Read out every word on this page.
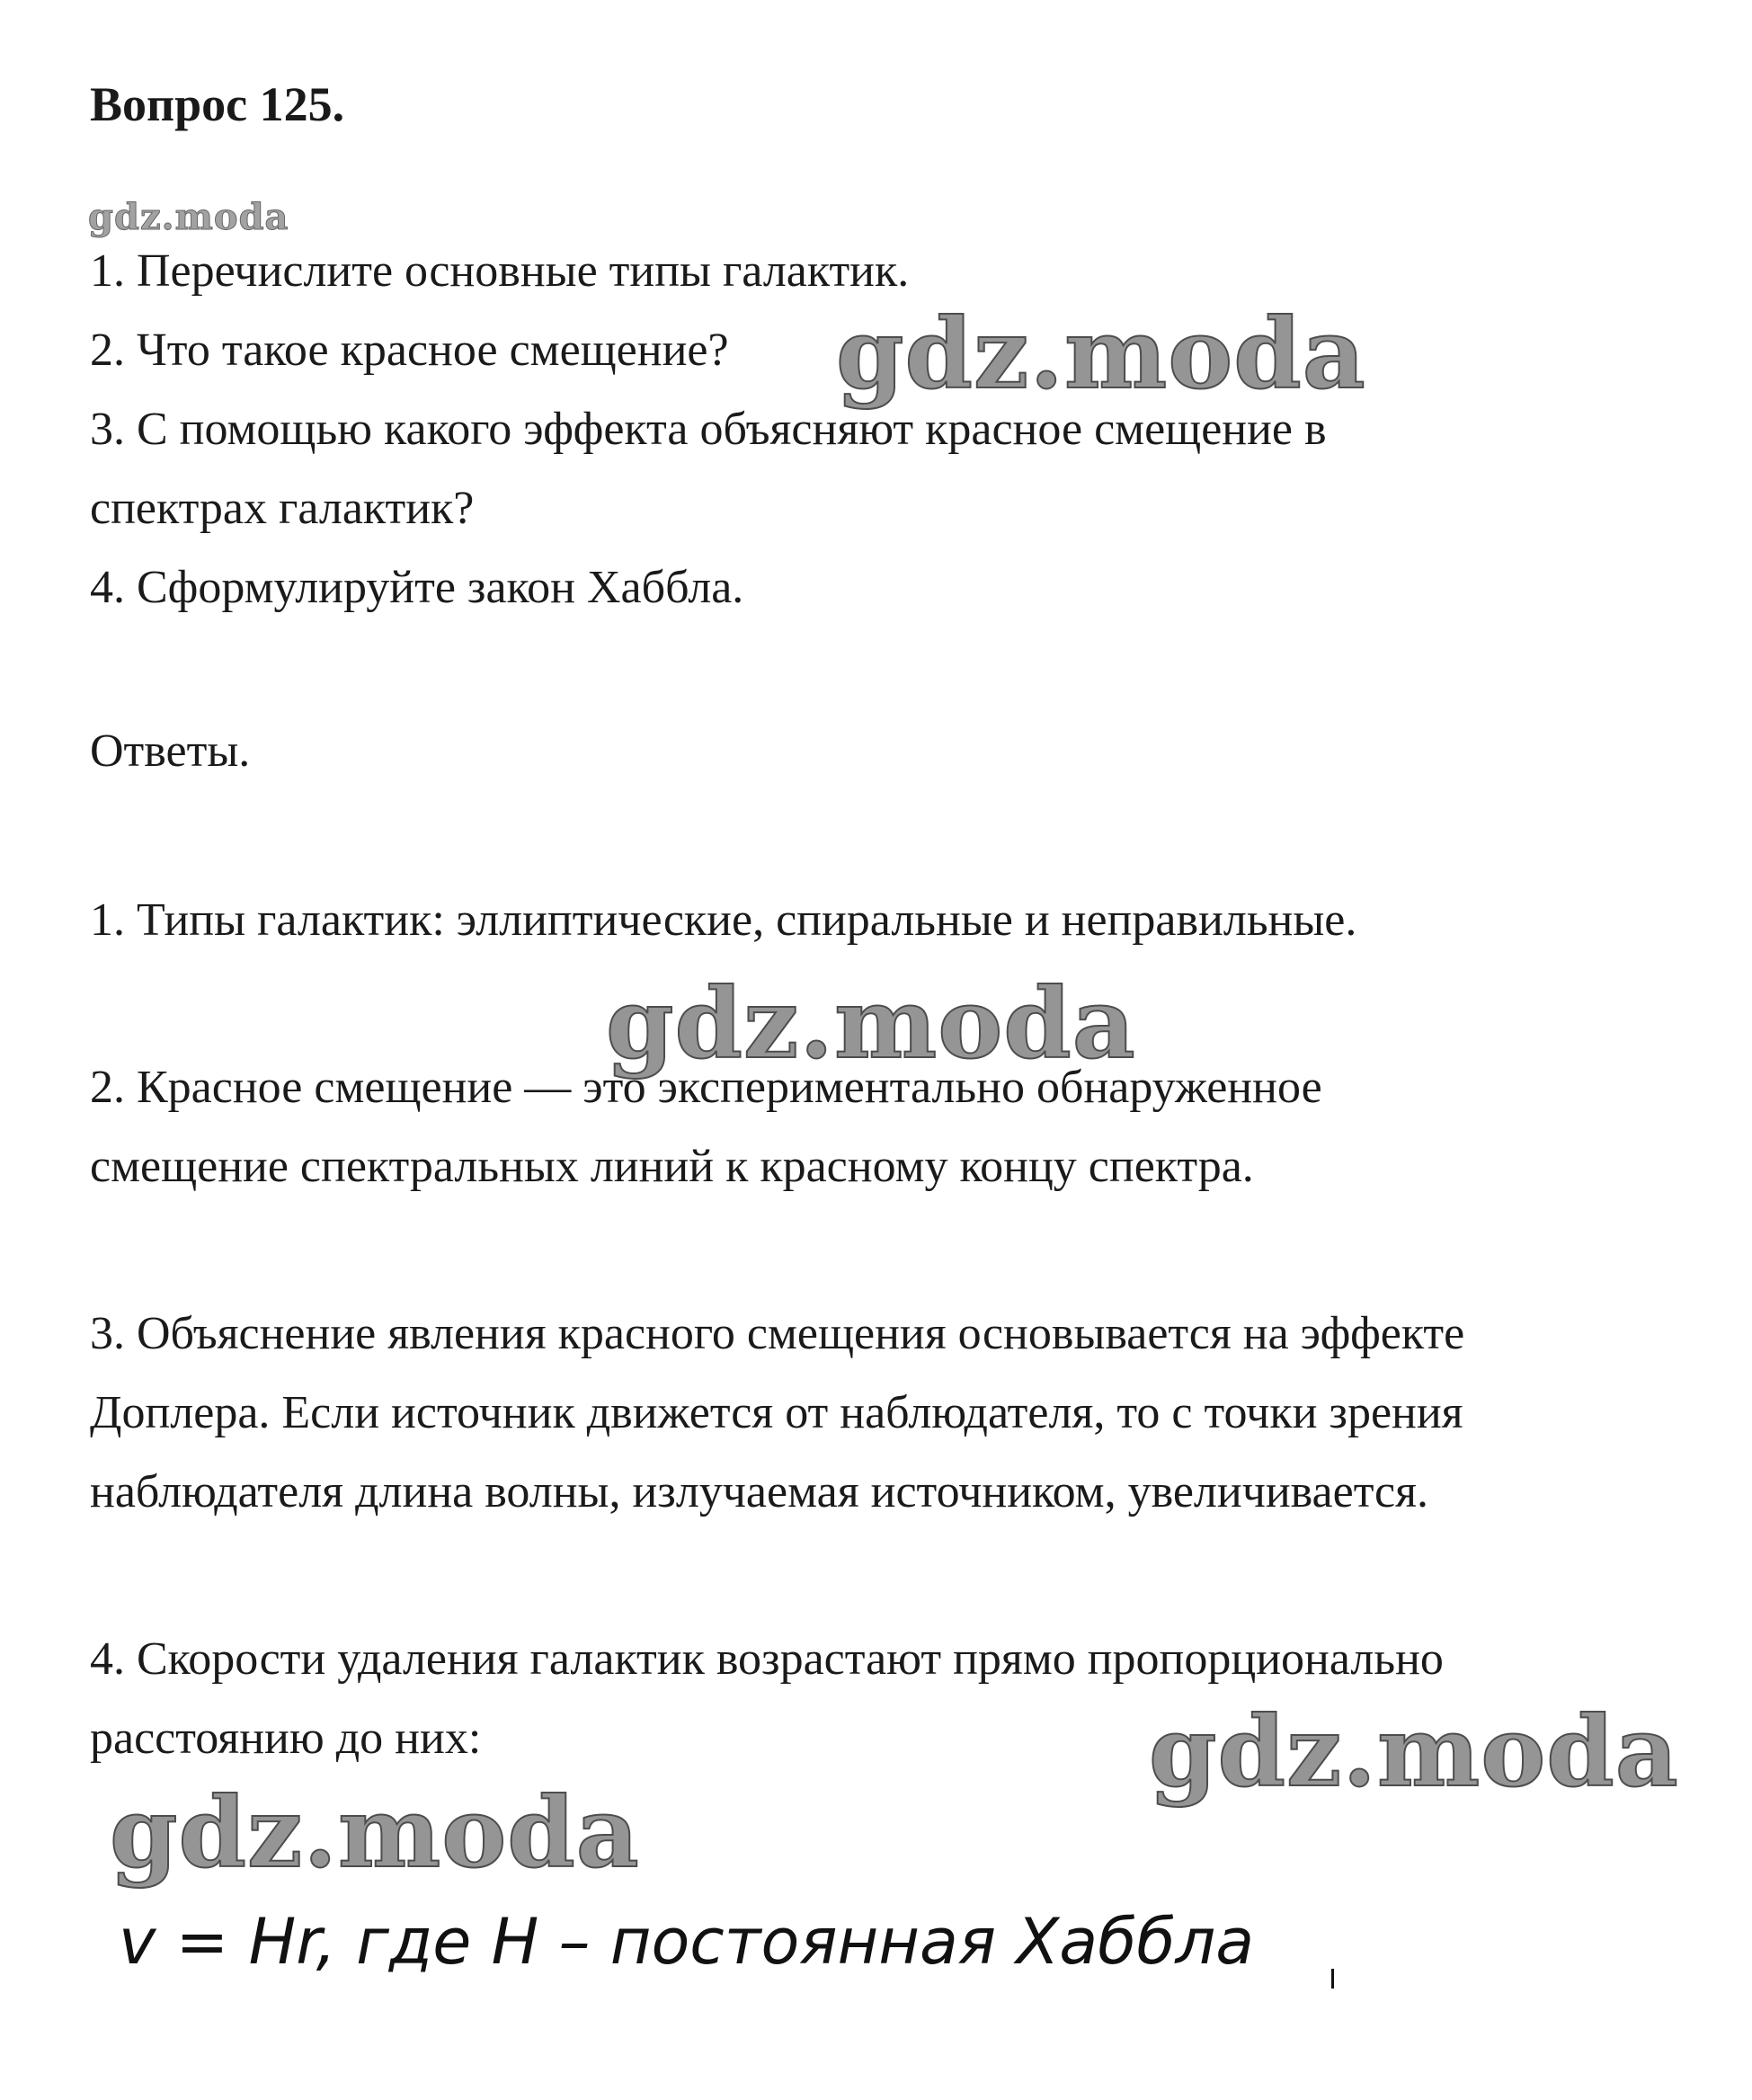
Вопрос 125.
gdz.moda
1. Перечислите основные типы галактик.
2. Что такое красное смещение?
3. С помощью какого эффекта объясняют красное смещение в
спектрах галактик?
4. Сформулируйте закон Хаббла.
gdz.moda
Ответы.
1. Типы галактик: эллиптические, спиральные и неправильные.
gdz.moda
2. Красное смещение — это экспериментально обнаруженное
смещение спектральных линий к красному концу спектра.
3. Объяснение явления красного смещения основывается на эффекте
Доплера. Если источник движется от наблюдателя, то с точки зрения
наблюдателя длина волны, излучаемая источником, увеличивается.
4. Скорости удаления галактик возрастают прямо пропорционально
расстоянию до них:	gdz.moda
gdz.moda
v = Hr, где H – постоянная Хаббла
